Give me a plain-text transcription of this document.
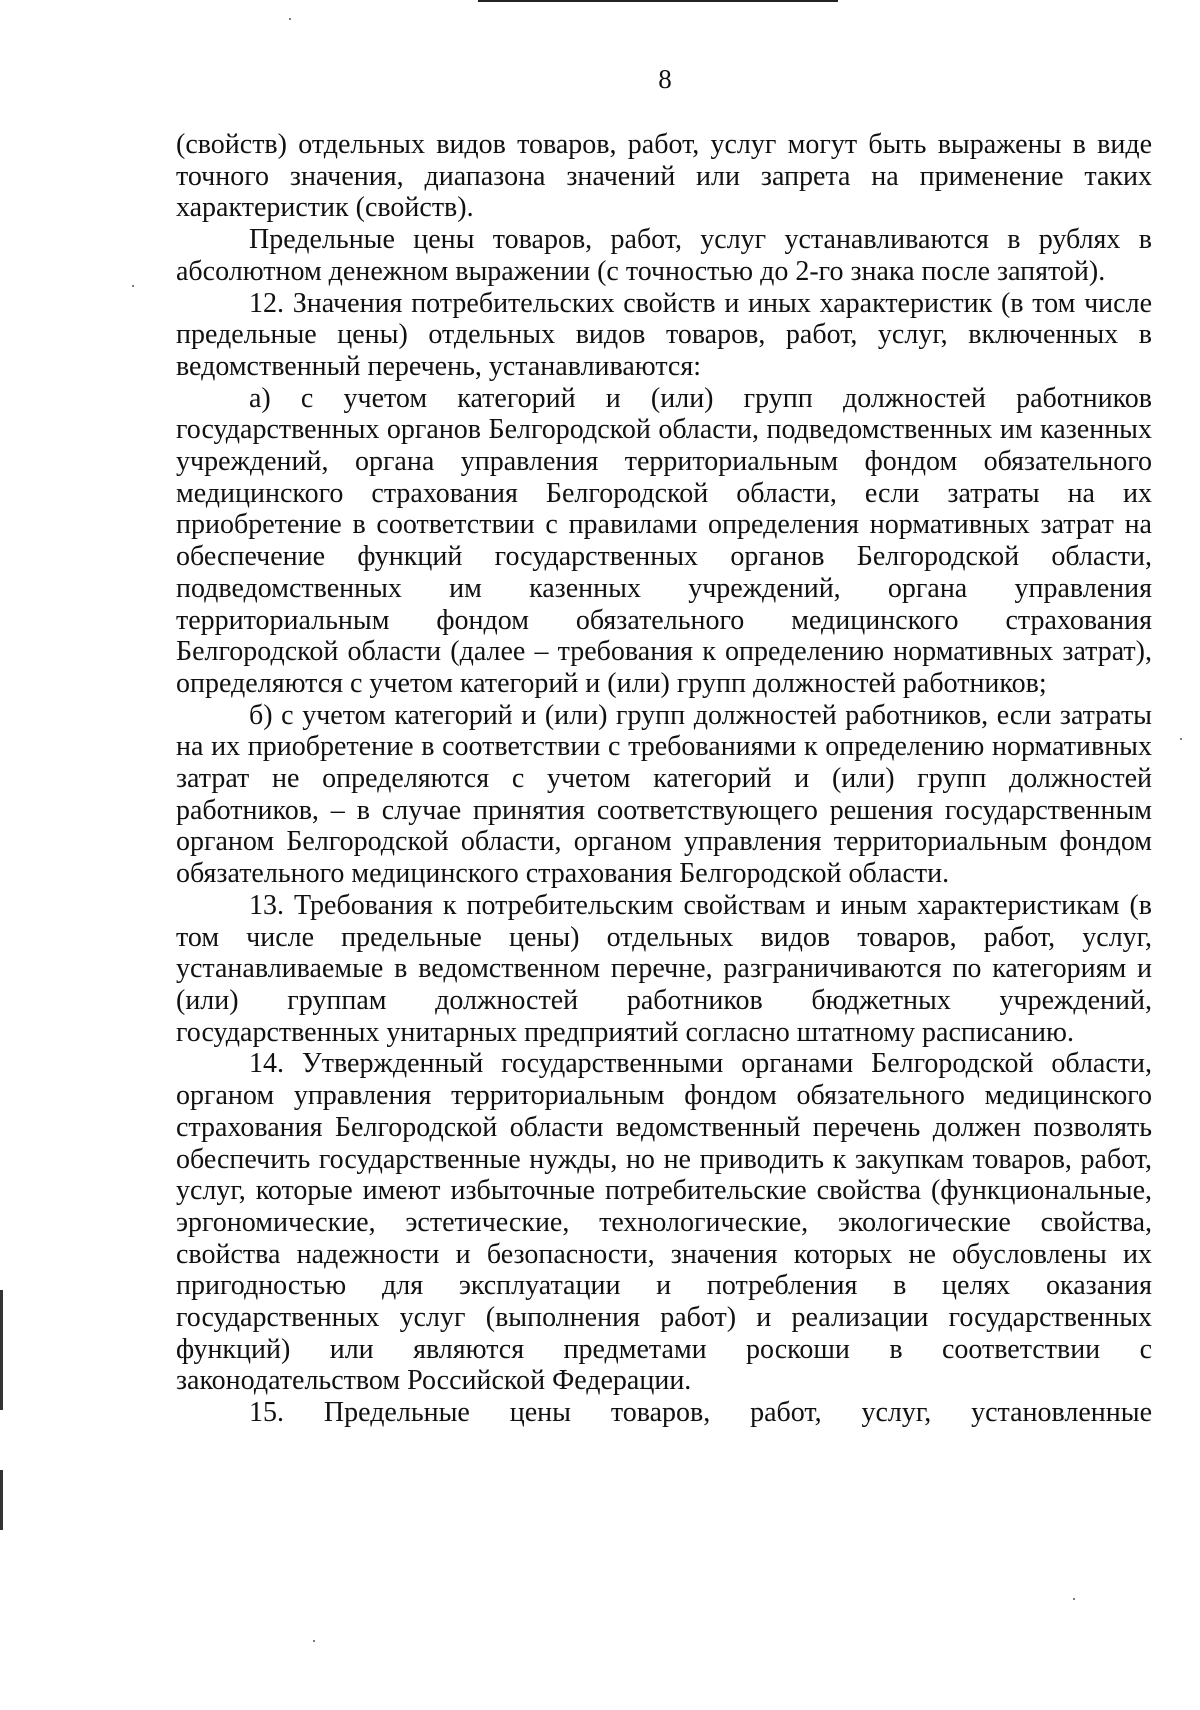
8

(свойств) отдельных видов товаров, работ, услуг могут быть выражены в виде точного значения, диапазона значений или запрета на применение таких характеристик (свойств).

Предельные цены товаров, работ, услуг устанавливаются в рублях в абсолютном денежном выражении (с точностью до 2-го знака после запятой).

12. Значения потребительских свойств и иных характеристик (в том числе предельные цены) отдельных видов товаров, работ, услуг, включенных в ведомственный перечень, устанавливаются:

а) с учетом категорий и (или) групп должностей работников государственных органов Белгородской области, подведомственных им казенных учреждений, органа управления территориальным фондом обязательного медицинского страхования Белгородской области, если затраты на их приобретение в соответствии с правилами определения нормативных затрат на обеспечение функций государственных органов Белгородской области, подведомственных им казенных учреждений, органа управления территориальным фондом обязательного медицинского страхования Белгородской области (далее – требования к определению нормативных затрат), определяются с учетом категорий и (или) групп должностей работников;

б) с учетом категорий и (или) групп должностей работников, если затраты на их приобретение в соответствии с требованиями к определению нормативных затрат не определяются с учетом категорий и (или) групп должностей работников, – в случае принятия соответствующего решения государственным органом Белгородской области, органом управления территориальным фондом обязательного медицинского страхования Белгородской области.

13. Требования к потребительским свойствам и иным характеристикам (в том числе предельные цены) отдельных видов товаров, работ, услуг, устанавливаемые в ведомственном перечне, разграничиваются по категориям и (или) группам должностей работников бюджетных учреждений, государственных унитарных предприятий согласно штатному расписанию.

14. Утвержденный государственными органами Белгородской области, органом управления территориальным фондом обязательного медицинского страхования Белгородской области ведомственный перечень должен позволять обеспечить государственные нужды, но не приводить к закупкам товаров, работ, услуг, которые имеют избыточные потребительские свойства (функциональные, эргономические, эстетические, технологические, экологические свойства, свойства надежности и безопасности, значения которых не обусловлены их пригодностью для эксплуатации и потребления в целях оказания государственных услуг (выполнения работ) и реализации государственных функций) или являются предметами роскоши в соответствии с законодательством Российской Федерации.

15. Предельные цены товаров, работ, услуг, установленные
